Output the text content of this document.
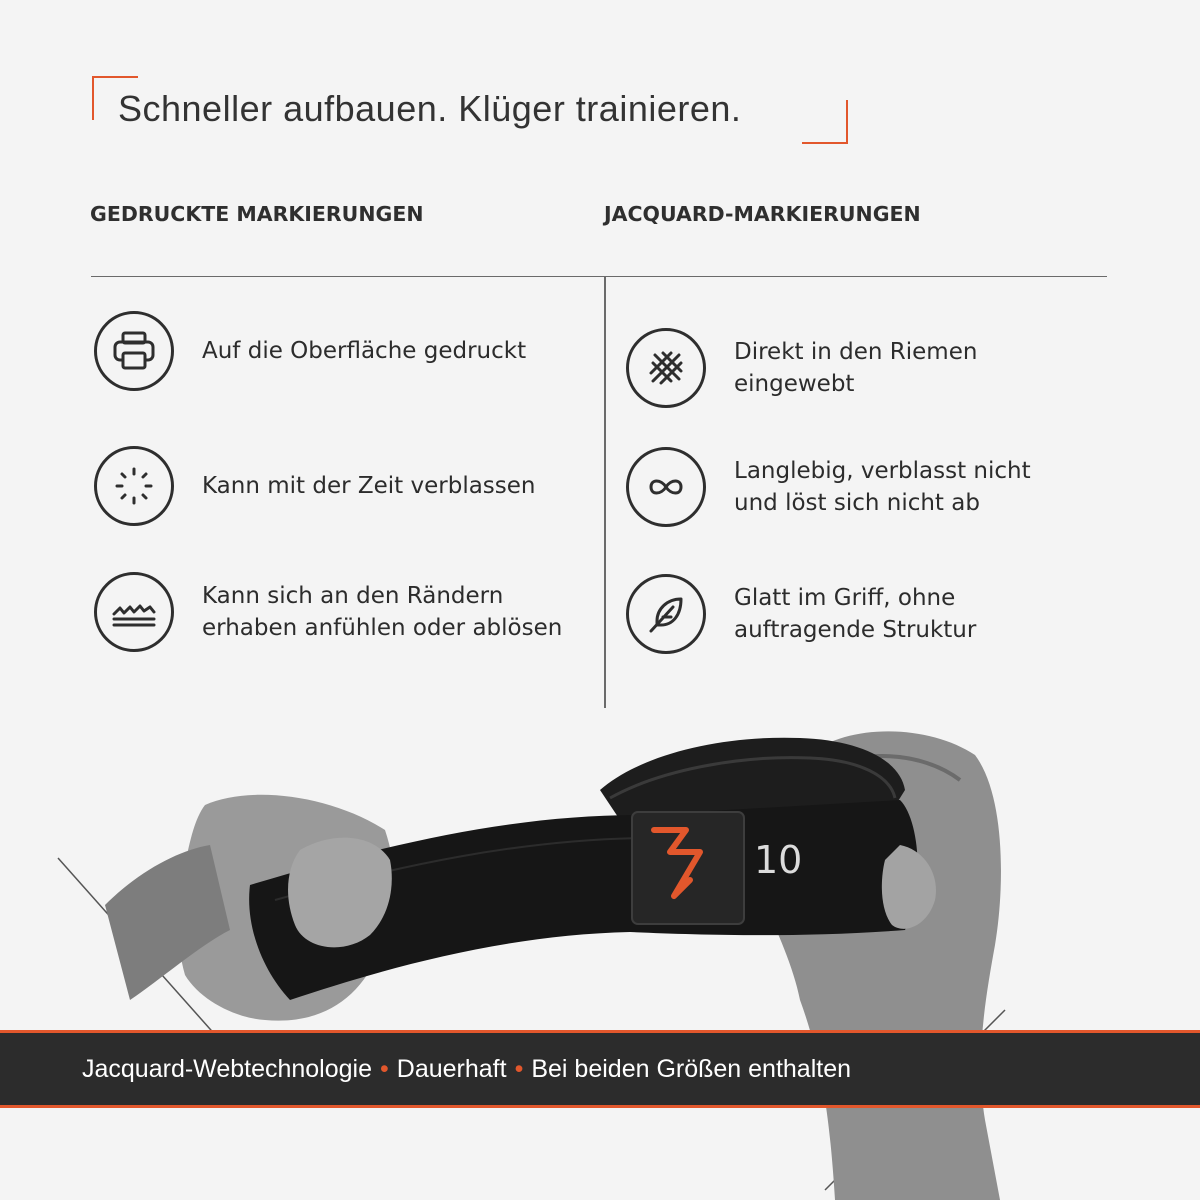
Schneller aufbauen. Klüger trainieren.
GEDRUCKTE MARKIERUNGEN	JACQUARD-MARKIERUNGEN
Auf die Oberfläche gedruckt
Kann mit der Zeit verblassen
Kann sich an den Rändern
erhaben anfühlen oder ablösen
Direkt in den Riemen
eingewebt
Langlebig, verblasst nicht
und löst sich nicht ab
Glatt im Griff, ohne
auftragende Struktur
10
Jacquard-Webtechnologie • Dauerhaft • Bei beiden Größen enthalten
